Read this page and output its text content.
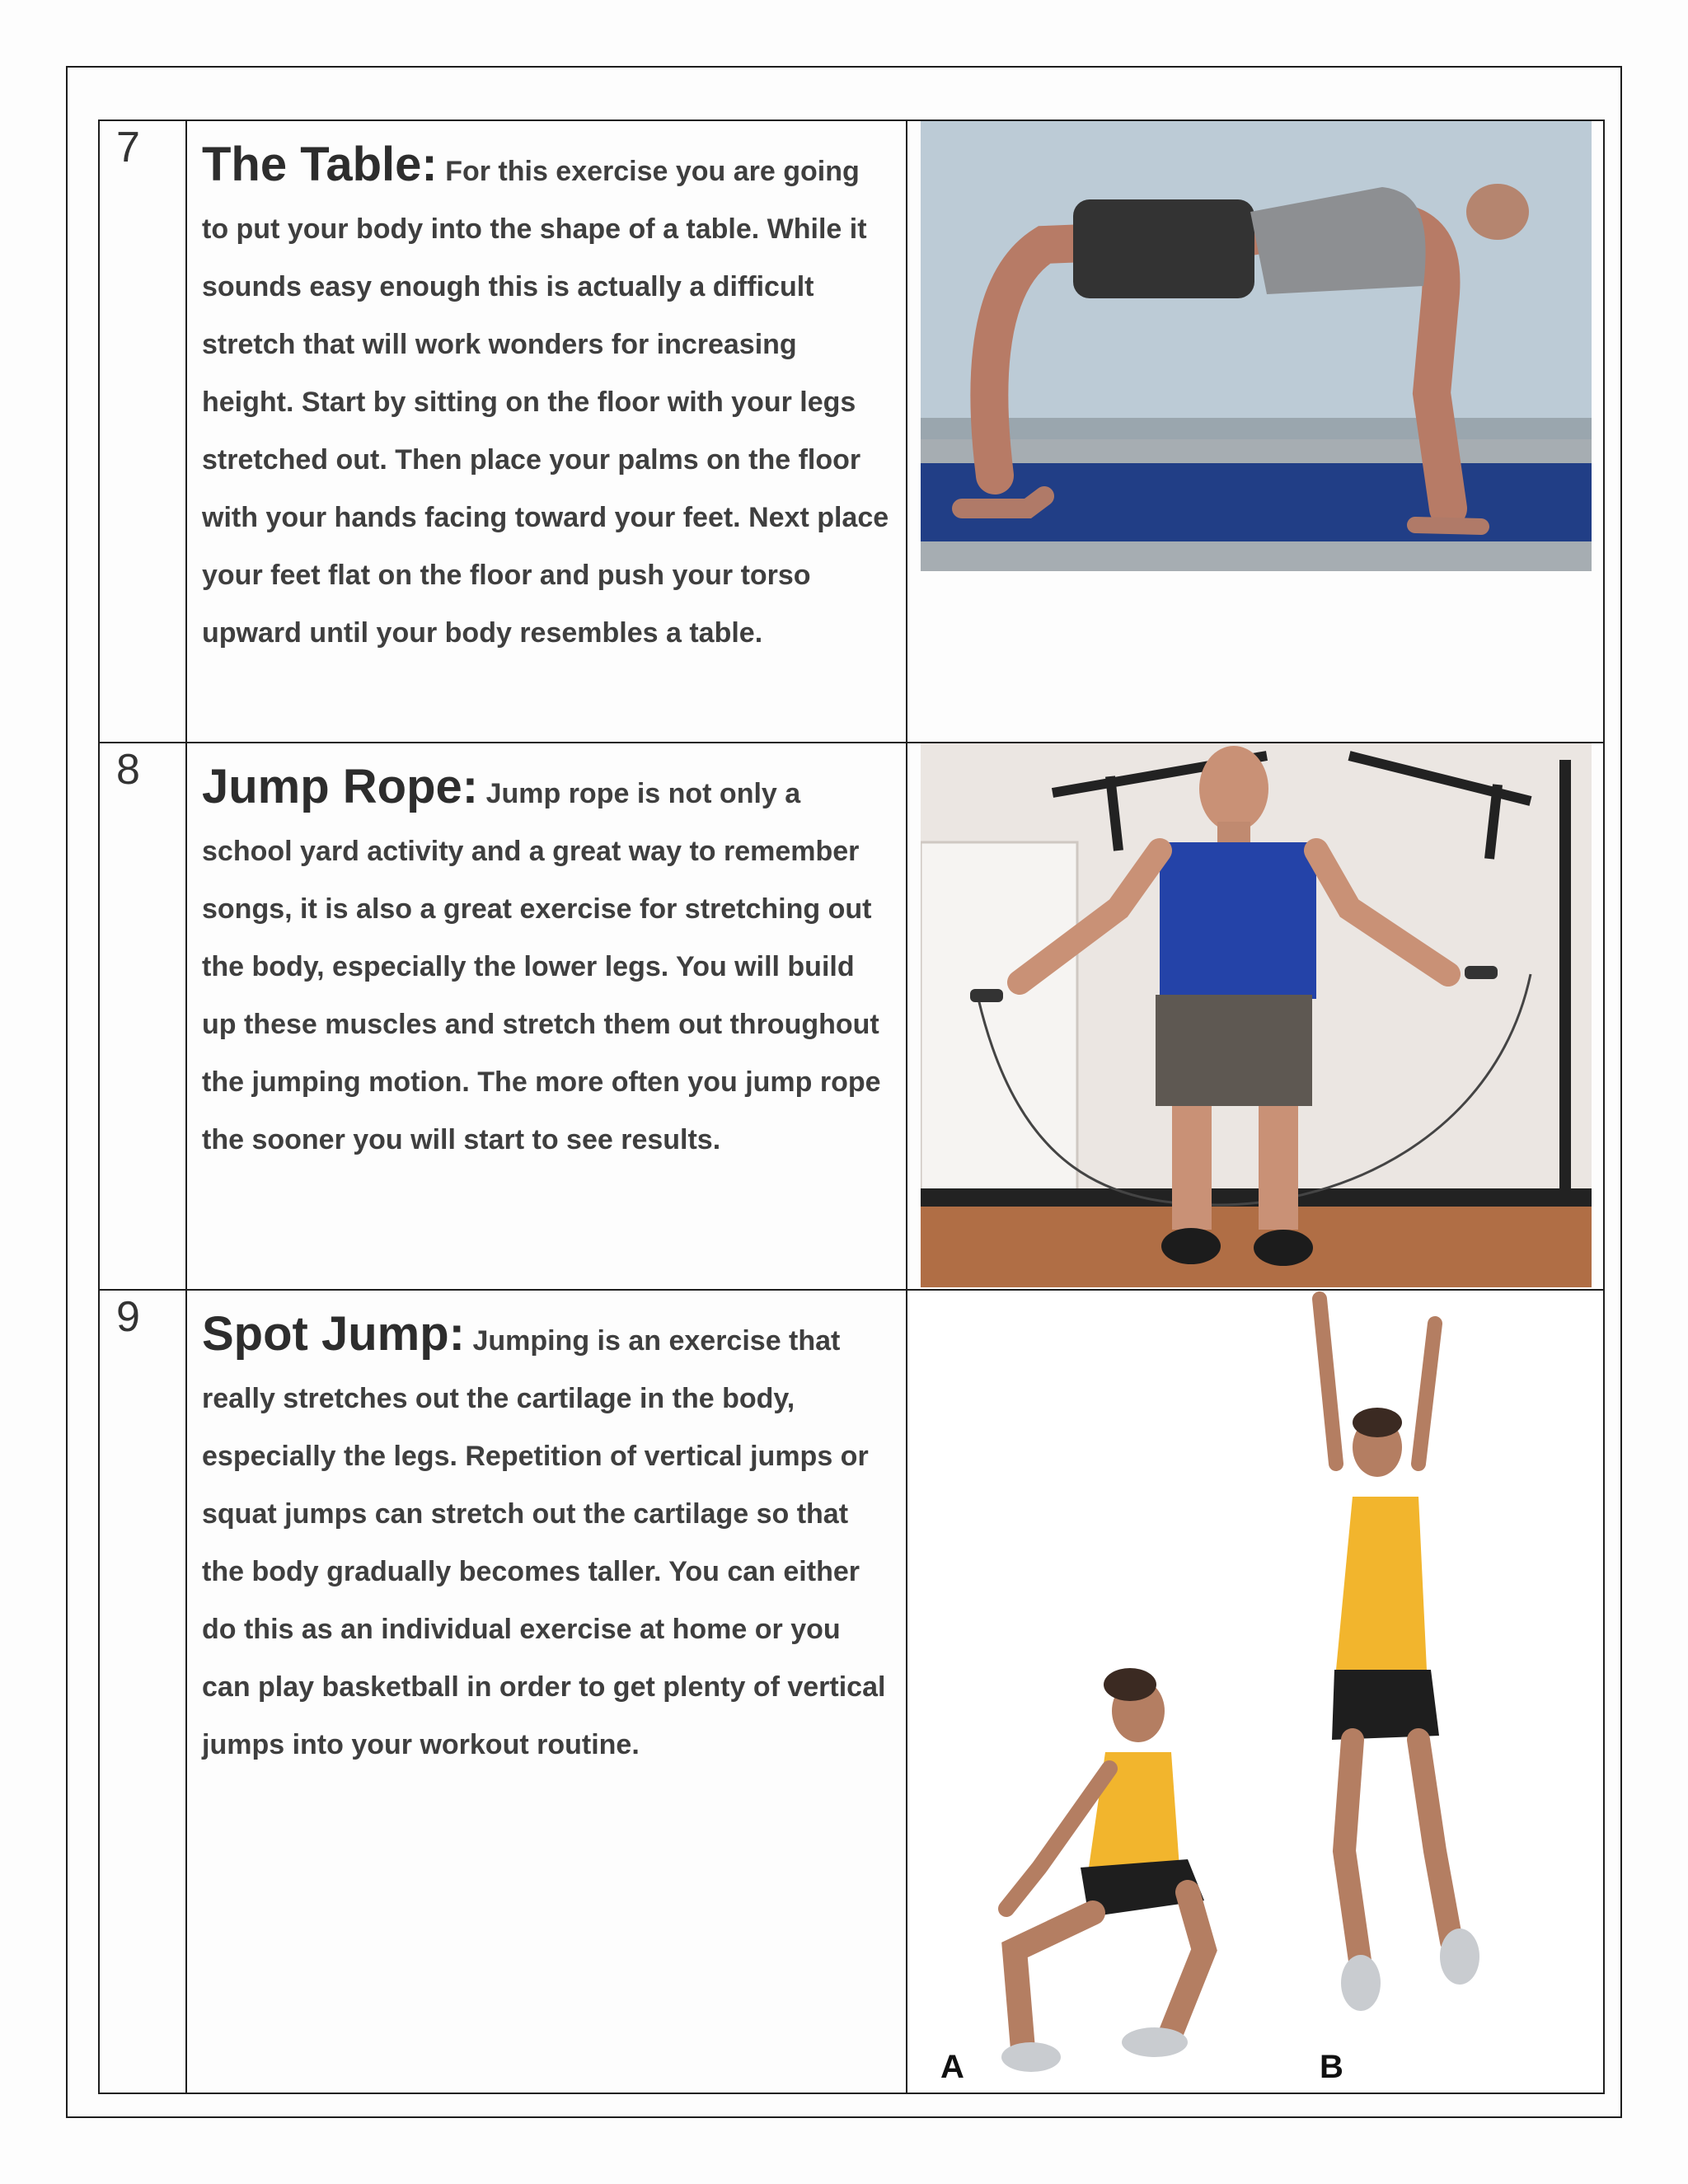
7	The Table: For this exercise you are going to put your body into the shape of a table. While it sounds easy enough this is actually a difficult stretch that will work wonders for increasing height. Start by sitting on the floor with your legs stretched out. Then place your palms on the floor with your hands facing toward your feet. Next place your feet flat on the floor and push your torso upward until your body resembles a table.

8	Jump Rope: Jump rope is not only a school yard activity and a great way to remember songs, it is also a great exercise for stretching out the body, especially the lower legs. You will build up these muscles and stretch them out throughout the jumping motion. The more often you jump rope the sooner you will start to see results.

9	Spot Jump: Jumping is an exercise that really stretches out the cartilage in the body, especially the legs. Repetition of vertical jumps or squat jumps can stretch out the cartilage so that the body gradually becomes taller. You can either do this as an individual exercise at home or you can play basketball in order to get plenty of vertical jumps into your workout routine.	A B
